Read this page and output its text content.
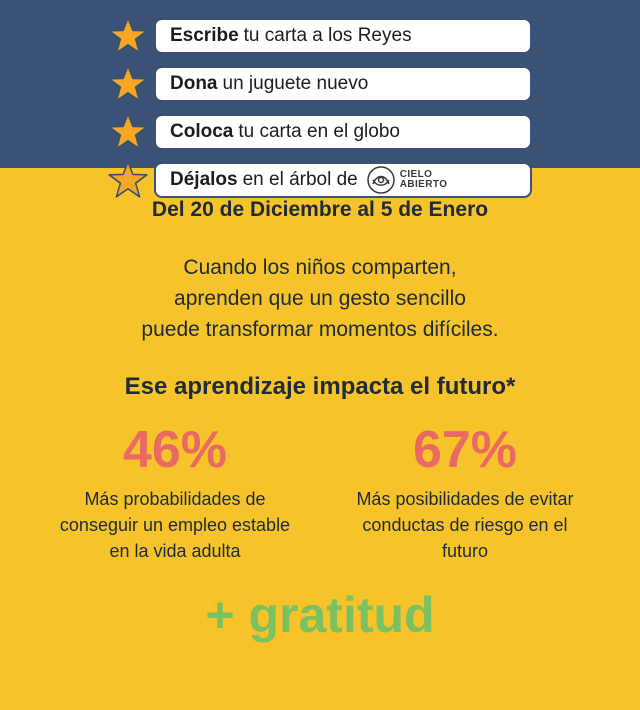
Escribe tu carta a los Reyes
Dona un juguete nuevo
Coloca tu carta en el globo
Déjalos en el árbol de	CIELO
ABIERTO
Del 20 de Diciembre al 5 de Enero
Cuando los niños comparten,
aprenden que un gesto sencillo
puede transformar momentos difíciles.
Ese aprendizaje impacta el futuro*
46%
Más probabilidades de
conseguir un empleo estable
en la vida adulta
67%
Más posibilidades de evitar
conductas de riesgo en el
futuro
+ gratitud
